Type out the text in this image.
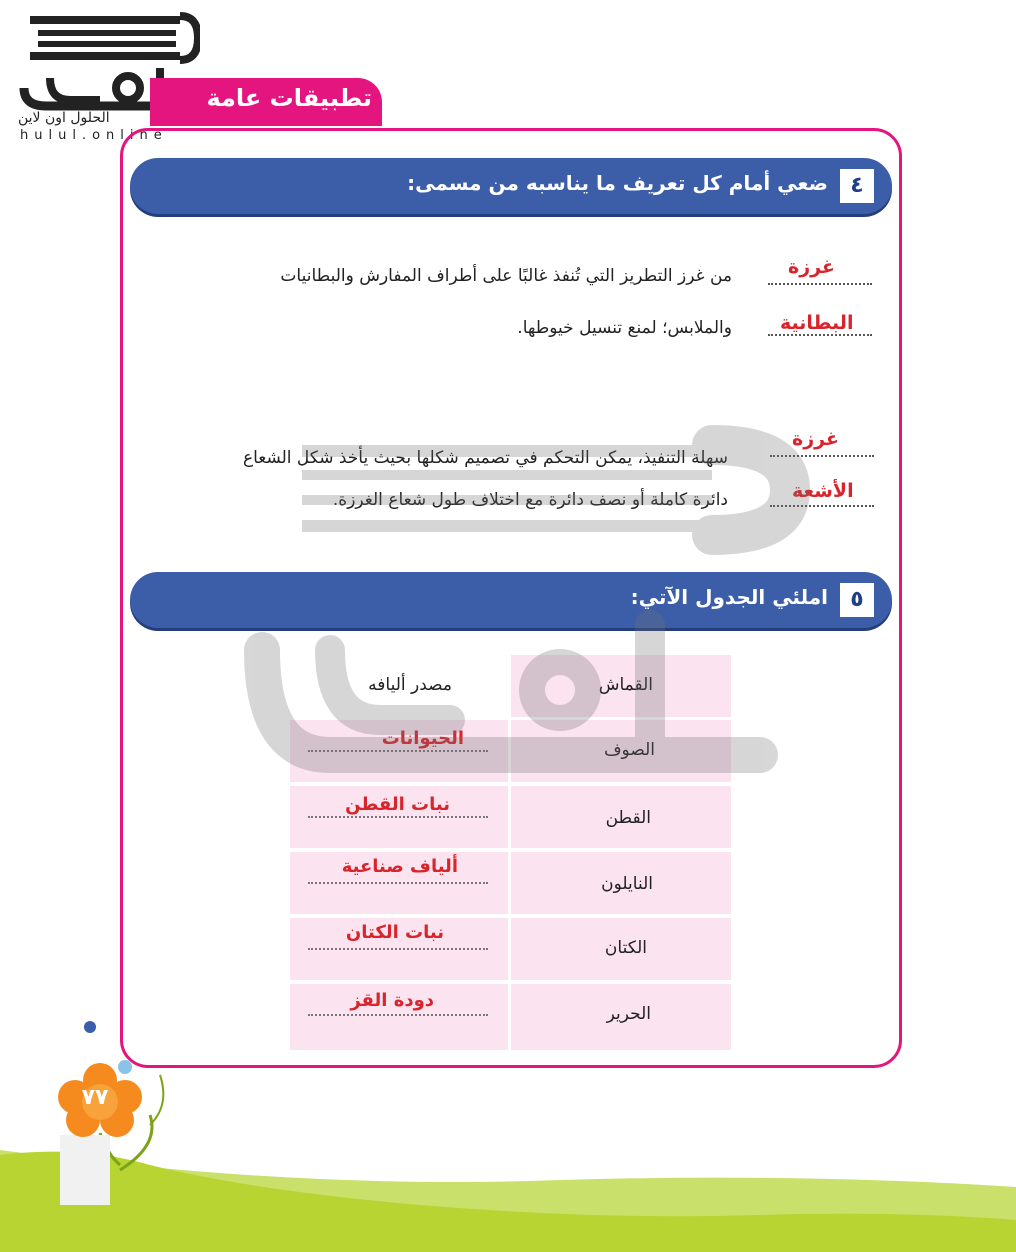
الحلول اون لاين
hulul.online
تطبيقات عامة
٤
ضعي أمام كل تعريف ما يناسبه من مسمى:
غرزة
البطانية
من غرز التطريز التي تُنفذ غالبًا على أطراف المفارش والبطانيات
والملابس؛ لمنع تنسيل خيوطها.
غرزة
الأشعة
سهلة التنفيذ، يمكن التحكم في تصميم شكلها بحيث يأخذ شكل الشعاع
دائرة كاملة أو نصف دائرة مع اختلاف طول شعاع الغرزة.
٥
املئي الجدول الآتي:
مصدر أليافه	القماش
الحيوانات
الصوف
نبات القطن
القطن
ألياف صناعية
النايلون
نبات الكتان
الكتان
دودة القز
الحرير
٧٧
